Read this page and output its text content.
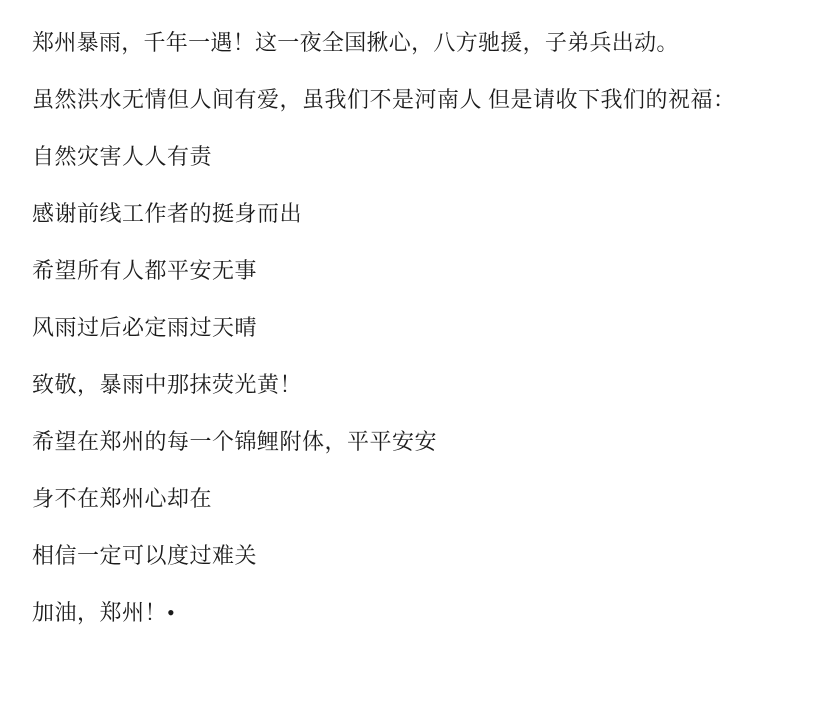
郑州暴雨，千年一遇！这一夜全国揪心，八方驰援，子弟兵出动。

虽然洪水无情但人间有爱，虽我们不是河南人 但是请收下我们的祝福：

自然灾害人人有责

感谢前线工作者的挺身而出

希望所有人都平安无事

风雨过后必定雨过天晴

致敬，暴雨中那抹荧光黄！

希望在郑州的每一个锦鲤附体，平平安安

身不在郑州心却在

相信一定可以度过难关

加油，郑州！•
